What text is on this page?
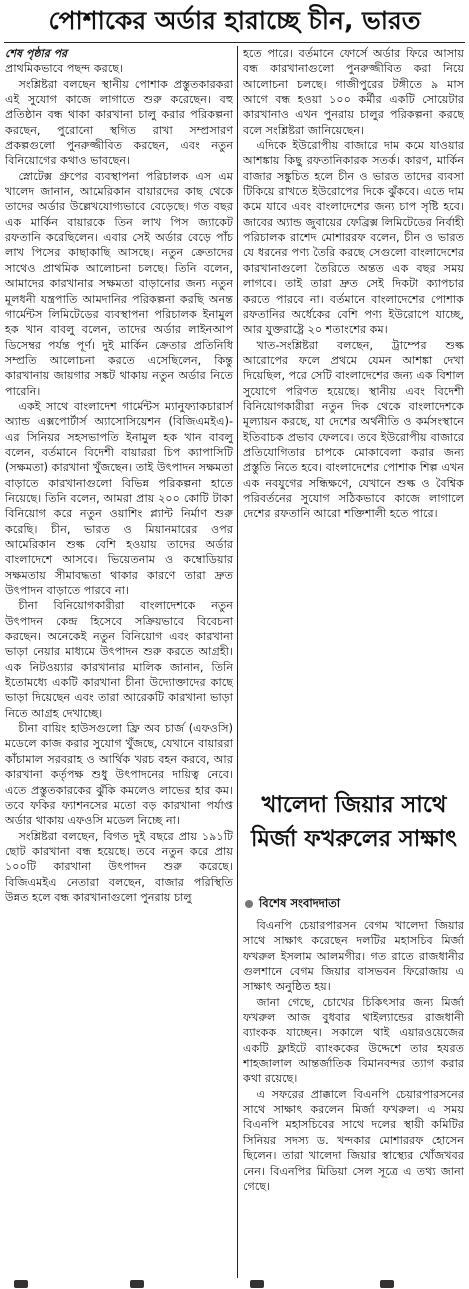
পোশাকের অর্ডার হারাচ্ছে চীন, ভারত
শেষ পৃষ্ঠার পর

প্রাথমিকভাবে পছন্দ করছে।

সংশ্লিষ্টরা বলছেন স্থানীয় পোশাক প্রস্তুতকারকরা এই সুযোগ কাজে লাগাতে শুরু করেছেন। বহু প্রতিষ্ঠান বন্ধ থাকা কারখানা চালু করার পরিকল্পনা করছেন, পুরোনো স্থগিত রাখা সম্প্রসারণ প্রকল্পগুলো পুনরুজ্জীবিত করছেন, এবং নতুন বিনিয়োগের কথাও ভাবছেন।

স্নোটেক্স গ্রুপের ব্যবস্থাপনা পরিচালক এস এম খালেদ জানান, আমেরিকান বায়ারদের কাছ থেকে তাদের অর্ডার উল্লেখযোগ্যভাবে বেড়েছে। গত বছর এক মার্কিন বায়ারকে তিন লাখ পিস জ্যাকেট রফতানি করেছিলেন। এবার সেই অর্ডার বেড়ে পাঁচ লাখ পিসের কাছাকাছি আসছে। নতুন ক্রেতাদের সাথেও প্রাথমিক আলোচনা চলছে। তিনি বলেন, আমাদের কারখানার সক্ষমতা বাড়ানোর জন্য নতুন মূলধনী যন্ত্রপাতি আমদানির পরিকল্পনা করছি অনন্ত গার্মেন্টস লিমিটেডের ব্যবস্থাপনা পরিচালক ইনামুল হক খান বাবলু বলেন, তাদের অর্ডার লাইনআপ ডিসেম্বর পর্যন্ত পূর্ণ। দুই মার্কিন ক্রেতার প্রতিনিধি সম্প্রতি আলোচনা করতে এসেছিলেন, কিন্তু কারখানায় জায়গার সঙ্কট থাকায় নতুন অর্ডার নিতে পারেনি।

একই সাথে বাংলাদেশ গার্মেন্টস ম্যানুফ্যাকচারার্স অ্যান্ড এক্সপোর্টার্স অ্যাসোসিয়েশন (বিজিএমইএ)-এর সিনিয়র সহসভাপতি ইনামুল হক খান বাবলু বলেন, বর্তমানে বিদেশী বায়াররা চিপ ক্যাপাসিটি (সক্ষমতা) কারখানা খুঁজছেন। তাই উৎপাদন সক্ষমতা বাড়াতে কারখানাগুলো বিভিন্ন পরিকল্পনা হাতে নিয়েছে। তিনি বলেন, আমরা প্রায় ২০০ কোটি টাকা বিনিয়োগ করে নতুন ওয়াশিং প্ল্যান্ট নির্মাণ শুরু করেছি। চীন, ভারত ও মিয়ানমারের ওপর আমেরিকান শুল্ক বেশি হওয়ায় তাদের অর্ডার বাংলাদেশে আসবে। ভিয়েতনাম ও কম্বোডিয়ার সক্ষমতায় সীমাবদ্ধতা থাকার কারণে তারা দ্রুত উৎপাদন বাড়াতে পারবে না।

চীনা বিনিয়োগকারীরা বাংলাদেশকে নতুন উৎপাদন কেন্দ্র হিসেবে সক্রিয়ভাবে বিবেচনা করছেন। অনেকেই নতুন বিনিয়োগ এবং কারখানা ভাড়া নেয়ার মাধ্যমে উৎপাদন শুরু করতে আগ্রহী। এক নিটওয়্যার কারখানার মালিক জানান, তিনি ইতোমধ্যে একটি কারখানা চীনা উদ্যোক্তাদের কাছে ভাড়া দিয়েছেন এবং তারা আরেকটি কারখানা ভাড়া নিতে আগ্রহ দেখাচ্ছে।

চীনা বায়িং হাউসগুলো ফ্রি অব চার্জ (এফওসি) মডেলে কাজ করার সুযোগ খুঁজছে, যেখানে বায়াররা কাঁচামাল সরবরাহ ও আর্থিক খরচ বহন করবে, আর কারখানা কর্তৃপক্ষ শুধু উৎপাদনের দায়িত্ব নেবে। এতে প্রস্তুতকারকের ঝুঁকি কমলেও লাভের হার কম। তবে ফকির ফ্যাশনসের মতো বড় কারখানা পর্যাপ্ত অর্ডার থাকায় এফওসি মডেল নিচ্ছে না।

সংশ্লিষ্টরা বলছেন, বিগত দুই বছরে প্রায় ১৯১টি ছোট কারখানা বন্ধ হয়েছে। তবে নতুন করে প্রায় ১০০টি কারখানা উৎপাদন শুরু করেছে। বিজিএমইএ নেতারা বলছেন, বাজার পরিস্থিতি উন্নত হলে বন্ধ কারখানাগুলো পুনরায় চালু

হতে পারে। বর্তমানে ফোর্সে অর্ডার ফিরে আসায় বন্ধ কারখানাগুলো পুনরুজ্জীবিত করা নিয়ে আলোচনা চলছে। গাজীপুরের টঙ্গীতে ৯ মাস আগে বন্ধ হওয়া ১০০ কর্মীর একটি সোয়েটার কারখানাও এখন পুনরায় চালুর পরিকল্পনা করছে বলে সংশ্লিষ্টরা জানিয়েছেন।

এদিকে ইউরোপীয় বাজারে দাম কমে যাওয়ার আশঙ্কায় কিছু রফতানিকারক সতর্ক। কারণ, মার্কিন বাজার সঙ্কুচিত হলে চীন ও ভারত তাদের ব্যবসা টিকিয়ে রাখতে ইউরোপের দিকে ঝুঁকবে। এতে দাম কমে যাবে এবং বাংলাদেশের জন্য চাপ সৃষ্টি হবে। জাবের অ্যান্ড জুবায়ের ফেব্রিক্স লিমিটেডের নির্বাহী পরিচালক রাশেদ মোশাররফ বলেন, চীন ও ভারত যে ধরনের পণ্য তৈরি করছে সেগুলো বাংলাদেশের কারখানাগুলো তৈরিতে অন্তত এক বছর সময় লাগবে। তাই তারা দ্রুত সেই দিকটা ক্যাপচার করতে পারবে না। বর্তমানে বাংলাদেশের পোশাক রফতানির অর্ধেকের বেশি পণ্য ইউরোপে যাচ্ছে, আর যুক্তরাষ্ট্রে ২০ শতাংশের কম।

খাত-সংশ্লিষ্টরা বলছেন, ট্রাম্পের শুল্ক আরোপের ফলে প্রথমে যেমন আশঙ্কা দেখা দিয়েছিল, পরে সেটি বাংলাদেশের জন্য এক বিশাল সুযোগে পরিণত হয়েছে। স্থানীয় এবং বিদেশী বিনিয়োগকারীরা নতুন দিক থেকে বাংলাদেশকে মূল্যায়ন করছে, যা দেশের অর্থনীতি ও কর্মসংস্থানে ইতিবাচক প্রভাব ফেলবে। তবে ইউরোপীয় বাজারে প্রতিযোগিতার চাপকে মোকাবেলা করার জন্য প্রস্তুতি নিতে হবে। বাংলাদেশের পোশাক শিল্প এখন এক নবযুগের সন্ধিক্ষণে, যেখানে শুল্ক ও বৈশ্বিক পরিবর্তনের সুযোগ সঠিকভাবে কাজে লাগালে দেশের রফতানি আরো শক্তিশালী হতে পারে।

খালেদা জিয়ার সাথে মির্জা ফখরুলের সাক্ষাৎ
বিশেষ সংবাদদাতা

বিএনপি চেয়ারপারসন বেগম খালেদা জিয়ার সাথে সাক্ষাৎ করেছেন দলটির মহাসচিব মির্জা ফখরুল ইসলাম আলমগীর। গত রাতে রাজধানীর গুলশানে বেগম জিয়ার বাসভবন ফিরোজায় এ সাক্ষাৎ অনুষ্ঠিত হয়।

জানা গেছে, চোখের চিকিৎসার জন্য মির্জা ফখরুল আজ বুধবার থাইল্যান্ডের রাজধানী ব্যাংকক যাচ্ছেন। সকালে থাই এয়ারওয়েজের একটি ফ্লাইটে ব্যাংককের উদ্দেশে তার হযরত শাহজালাল আন্তর্জাতিক বিমানবন্দর ত্যাগ করার কথা রয়েছে।

এ সফরের প্রাক্কালে বিএনপি চেয়ারপারসনের সাথে সাক্ষাৎ করলেন মির্জা ফখরুল। এ সময় বিএনপি মহাসচিবের সাথে দলের স্থায়ী কমিটির সিনিয়র সদস্য ড. খন্দকার মোশাররফ হোসেন ছিলেন। তারা খালেদা জিয়ার স্বাস্থ্যের খোঁজখবর নেন। বিএনপির মিডিয়া সেল সূত্রে এ তথ্য জানা গেছে।
